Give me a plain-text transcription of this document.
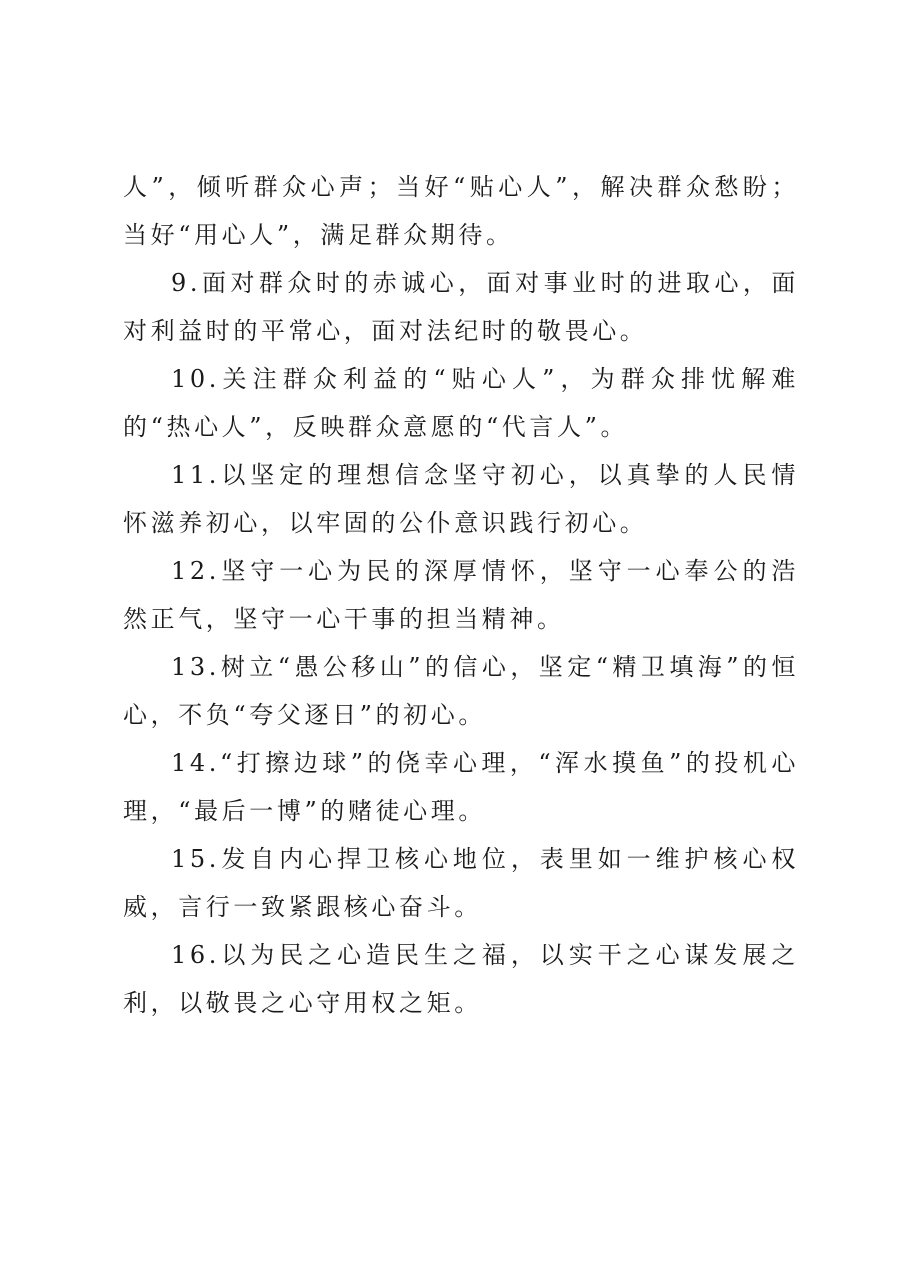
人”，倾听群众心声；当好“贴心人”，解决群众愁盼；当好“用心人”，满足群众期待。

9.面对群众时的赤诚心，面对事业时的进取心，面对利益时的平常心，面对法纪时的敬畏心。

10.关注群众利益的“贴心人”，为群众排忧解难的“热心人”，反映群众意愿的“代言人”。

11.以坚定的理想信念坚守初心，以真挚的人民情怀滋养初心，以牢固的公仆意识践行初心。

12.坚守一心为民的深厚情怀，坚守一心奉公的浩然正气，坚守一心干事的担当精神。

13.树立“愚公移山”的信心，坚定“精卫填海”的恒心，不负“夸父逐日”的初心。

14.“打擦边球”的侥幸心理，“浑水摸鱼”的投机心理，“最后一博”的赌徒心理。

15.发自内心捍卫核心地位，表里如一维护核心权威，言行一致紧跟核心奋斗。

16.以为民之心造民生之福，以实干之心谋发展之利，以敬畏之心守用权之矩。
